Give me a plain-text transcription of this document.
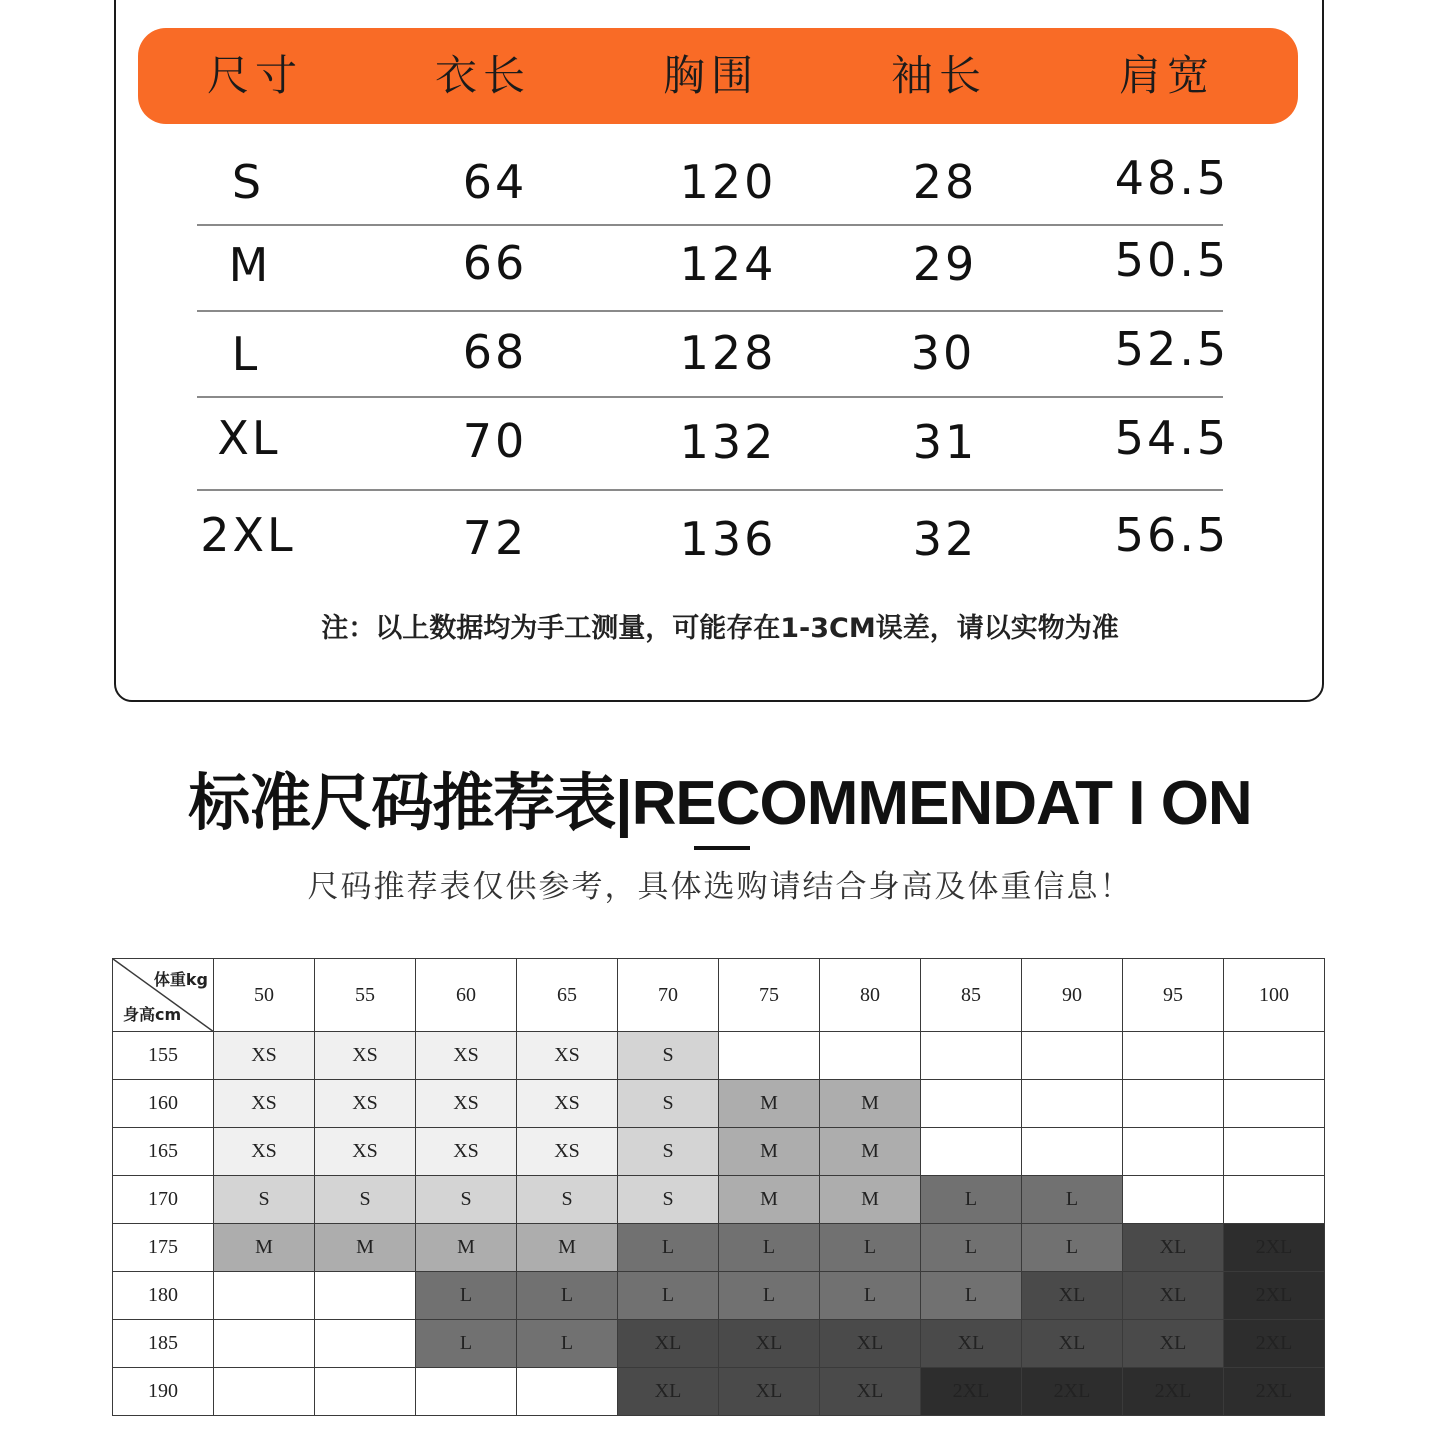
尺寸	衣长	胸围	袖长	肩宽
S	64	120	28	48.5
M	66	124	29	50.5
L	68	128	30	52.5
XL	70	132	31	54.5
2XL	72	136	32	56.5
注：以上数据均为手工测量，可能存在1-3CM误差，请以实物为准
标准尺码推荐表|RECOMMENDAT I ON
尺码推荐表仅供参考，具体选购请结合身高及体重信息！
体重kg
身高cm	50	55	60	65	70	75	80	85	90	95	100
155	XS	XS	XS	XS	S						
160	XS	XS	XS	XS	S	M	M				
165	XS	XS	XS	XS	S	M	M				
170	S	S	S	S	S	M	M	L	L		
175	M	M	M	M	L	L	L	L	L	XL	2XL
180			L	L	L	L	L	L	XL	XL	2XL
185			L	L	XL	XL	XL	XL	XL	XL	2XL
190					XL	XL	XL	2XL	2XL	2XL	2XL
